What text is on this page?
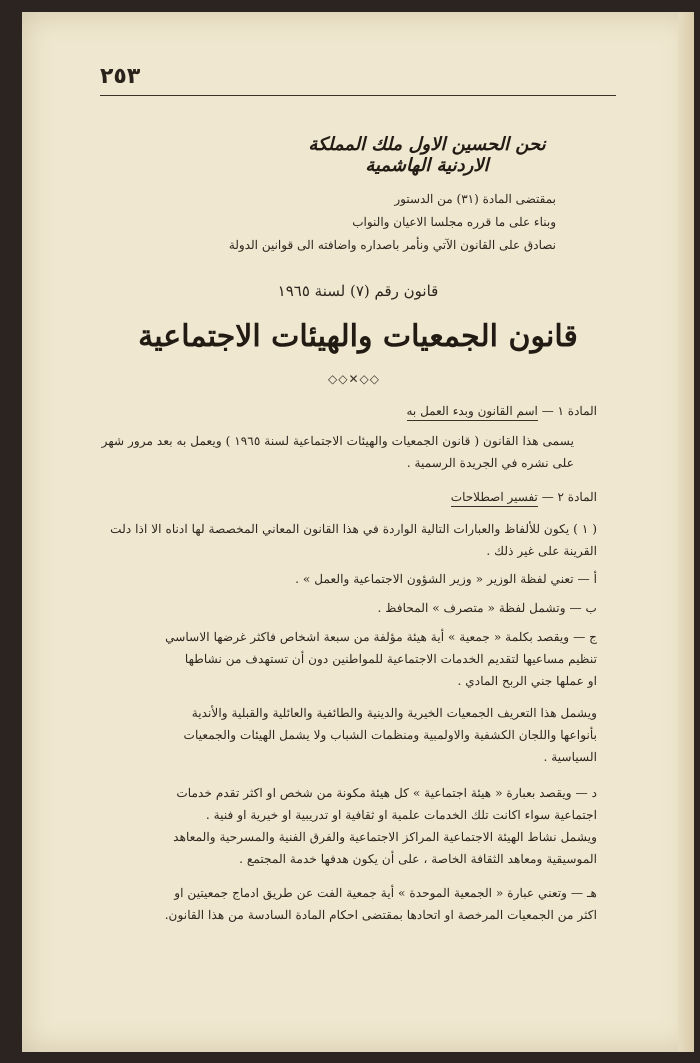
٢٥٣
نحن الحسين الاول ملك المملكة الاردنية الهاشمية
بمقتضى المادة (٣١) من الدستور
وبناء على ما قرره مجلسا الاعيان والنواب
نصادق على القانون الآتي ونأمر باصداره واضافته الى قوانين الدولة
قانون رقم (٧) لسنة ١٩٦٥
قانون الجمعيات والهيئات الاجتماعية
◇◇✕◇◇
المادة ١ — اسم القانون وبدء العمل به
يسمى هذا القانون ( قانون الجمعيات والهيئات الاجتماعية لسنة ١٩٦٥ ) ويعمل به بعد مرور شهر
على نشره في الجريدة الرسمية .
المادة ٢ — تفسير اصطلاحات
( ١ ) يكون للألفاظ والعبارات التالية الواردة في هذا القانون المعاني المخصصة لها ادناه الا اذا دلت
القرينة على غير ذلك .
أ — تعني لفظة الوزير « وزير الشؤون الاجتماعية والعمل » .
ب — وتشمل لفظة « متصرف » المحافظ .
ج — ويقصد بكلمة « جمعية » أية هيئة مؤلفة من سبعة اشخاص فاكثر غرضها الاساسي
تنظيم مساعيها لتقديم الخدمات الاجتماعية للمواطنين دون أن تستهدف من نشاطها
او عملها جني الربح المادي .
ويشمل هذا التعريف الجمعيات الخيرية والدينية والطائفية والعائلية والقبلية والأندية
بأنواعها واللجان الكشفية والاولمبية ومنظمات الشباب ولا يشمل الهيئات والجمعيات
السياسية .
د — ويقصد بعبارة « هيئة اجتماعية » كل هيئة مكونة من شخص او اكثر تقدم خدمات
اجتماعية سواء اكانت تلك الخدمات علمية او ثقافية او تدريبية او خيرية او فنية .
ويشمل نشاط الهيئة الاجتماعية المراكز الاجتماعية والفرق الفنية والمسرحية والمعاهد
الموسيقية ومعاهد الثقافة الخاصة ، على أن يكون هدفها خدمة المجتمع .
هـ — وتعني عبارة « الجمعية الموحدة » أية جمعية الفت عن طريق ادماج جمعيتين او
اكثر من الجمعيات المرخصة او اتحادها بمقتضى احكام المادة السادسة من هذا القانون.
